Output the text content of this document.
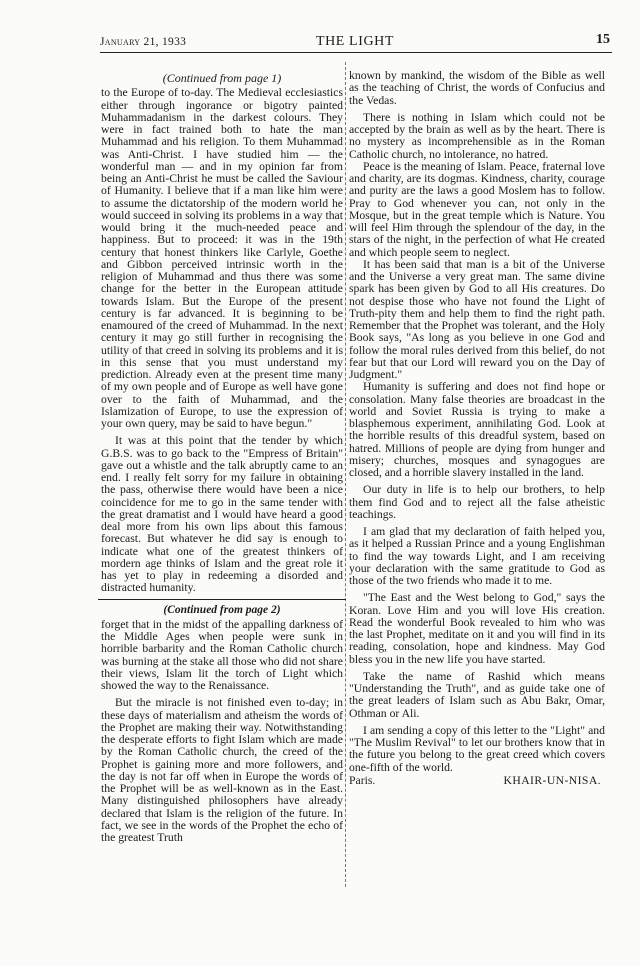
January 21, 1933	THE LIGHT	15
(Continued from page 1)

to the Europe of to-day. The Medieval ecclesiastics either through ingorance or bigotry painted Muhammadanism in the darkest colours. They were in fact trained both to hate the man Muhammad and his religion. To them Muhammad was Anti-Christ. I have studied him — the wonderful man — and in my opinion far from being an Anti-Christ he must be called the Saviour of Humanity. I believe that if a man like him were to assume the dictatorship of the modern world he would succeed in solving its problems in a way that would bring it the much-needed peace and happiness. But to proceed: it was in the 19th century that honest thinkers like Carlyle, Goethe and Gibbon perceived intrinsic worth in the religion of Muhammad and thus there was some change for the better in the European attitude towards Islam. But the Europe of the present century is far advanced. It is beginning to be enamoured of the creed of Muhammad. In the next century it may go still further in recognising the utility of that creed in solving its problems and it is in this sense that you must understand my prediction. Already even at the present time many of my own people and of Europe as well have gone over to the faith of Muhammad, and the Islamization of Europe, to use the expression of your own query, may be said to have begun."

It was at this point that the tender by which G.B.S. was to go back to the "Empress of Britain" gave out a whistle and the talk abruptly came to an end. I really felt sorry for my failure in obtaining the pass, otherwise there would have been a nice coincidence for me to go in the same tender with the great dramatist and I would have heard a good deal more from his own lips about this famous forecast. But whatever he did say is enough to indicate what one of the greatest thinkers of mordern age thinks of Islam and the great role it has yet to play in redeeming a disorded and distracted humanity.

(Continued from page 2)

forget that in the midst of the appalling darkness of the Middle Ages when people were sunk in horrible barbarity and the Roman Catholic church was burning at the stake all those who did not share their views, Islam lit the torch of Light which showed the way to the Renaissance.

But the miracle is not finished even to-day; in these days of materialism and atheism the words of the Prophet are making their way. Notwithstanding the desperate efforts to fight Islam which are made by the Roman Catholic church, the creed of the Prophet is gaining more and more followers, and the day is not far off when in Europe the words of the Prophet will be as well-known as in the East. Many distinguished philosophers have already declared that Islam is the religion of the future. In fact, we see in the words of the Prophet the echo of the greatest Truth

known by mankind, the wisdom of the Bible as well as the teaching of Christ, the words of Confucius and the Vedas.

There is nothing in Islam which could not be accepted by the brain as well as by the heart. There is no mystery as incomprehensible as in the Roman Catholic church, no intolerance, no hatred.

Peace is the meaning of Islam. Peace, fraternal love and charity, are its dogmas. Kindness, charity, courage and purity are the laws a good Moslem has to follow. Pray to God whenever you can, not only in the Mosque, but in the great temple which is Nature. You will feel Him through the splendour of the day, in the stars of the night, in the perfection of what He created and which people seem to neglect.

It has been said that man is a bit of the Universe and the Universe a very great man. The same divine spark has been given by God to all His creatures. Do not despise those who have not found the Light of Truth-pity them and help them to find the right path. Remember that the Prophet was tolerant, and the Holy Book says, "As long as you believe in one God and follow the moral rules derived from this belief, do not fear but that our Lord will reward you on the Day of Judgment."

Humanity is suffering and does not find hope or consolation. Many false theories are broadcast in the world and Soviet Russia is trying to make a blasphemous experiment, annihilating God. Look at the horrible results of this dreadful system, based on hatred. Millions of people are dying from hunger and misery; churches, mosques and synagogues are closed, and a horrible slavery installed in the land.

Our duty in life is to help our brothers, to help them find God and to reject all the false atheistic teachings.

I am glad that my declaration of faith helped you, as it helped a Russian Prince and a young Englishman to find the way towards Light, and I am receiving your declaration with the same gratitude to God as those of the two friends who made it to me.

"The East and the West belong to God," says the Koran. Love Him and you will love His creation. Read the wonderful Book revealed to him who was the last Prophet, meditate on it and you will find in its reading, consolation, hope and kindness. May God bless you in the new life you have started.

Take the name of Rashid which means "Understanding the Truth", and as guide take one of the great leaders of Islam such as Abu Bakr, Omar, Othman or Ali.

I am sending a copy of this letter to the "Light" and "The Muslim Revival" to let our brothers know that in the future you belong to the great creed which covers one-fifth of the world.

Paris.	KHAIR-UN-NISA.
